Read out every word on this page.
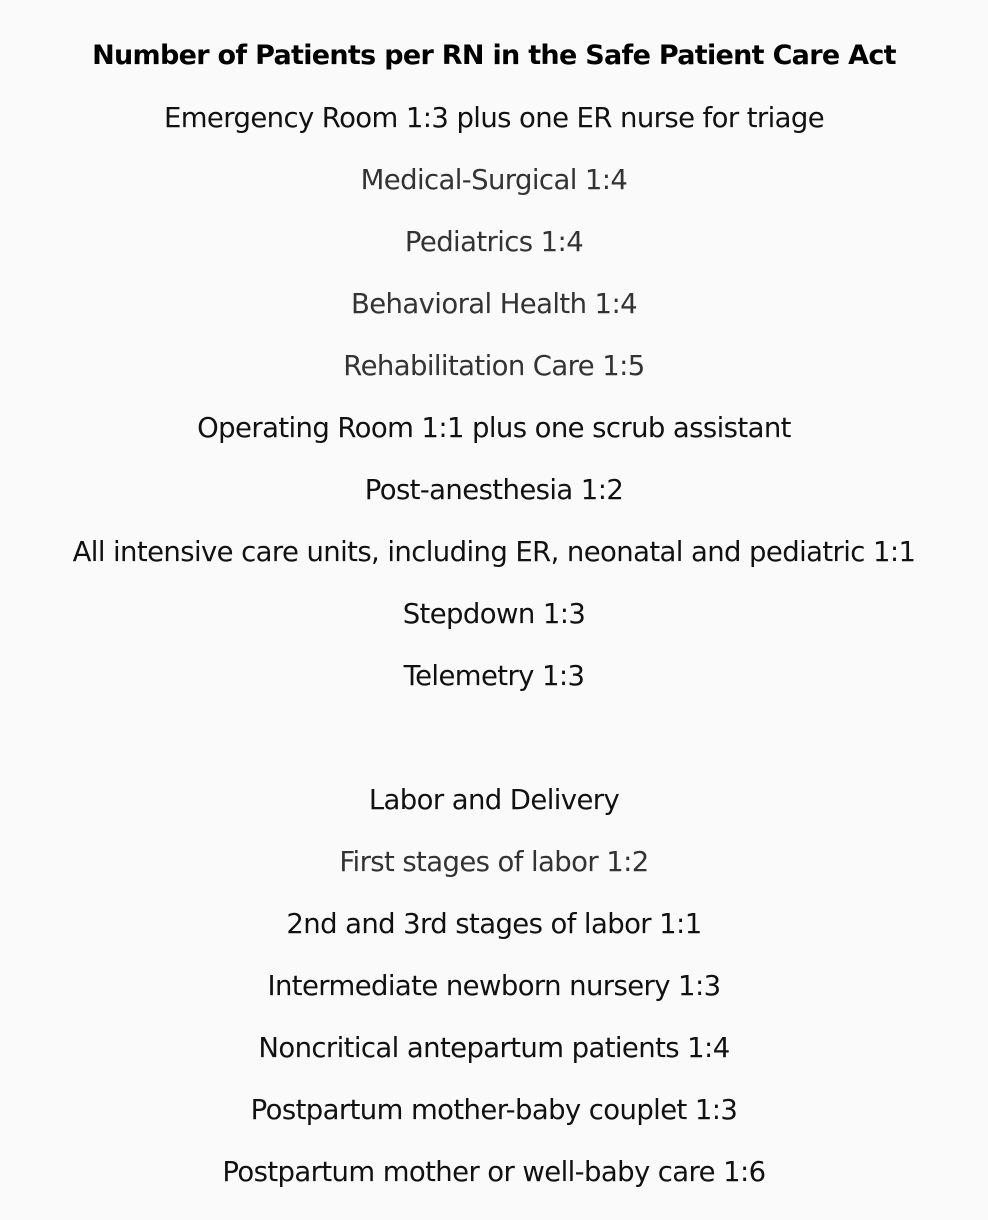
Number of Patients per RN in the Safe Patient Care Act
Emergency Room 1:3 plus one ER nurse for triage
Medical-Surgical 1:4
Pediatrics 1:4
Behavioral Health 1:4
Rehabilitation Care 1:5
Operating Room 1:1 plus one scrub assistant
Post-anesthesia 1:2
All intensive care units, including ER, neonatal and pediatric 1:1
Stepdown 1:3
Telemetry 1:3
Labor and Delivery
First stages of labor 1:2
2nd and 3rd stages of labor 1:1
Intermediate newborn nursery 1:3
Noncritical antepartum patients 1:4
Postpartum mother-baby couplet 1:3
Postpartum mother or well-baby care 1:6
